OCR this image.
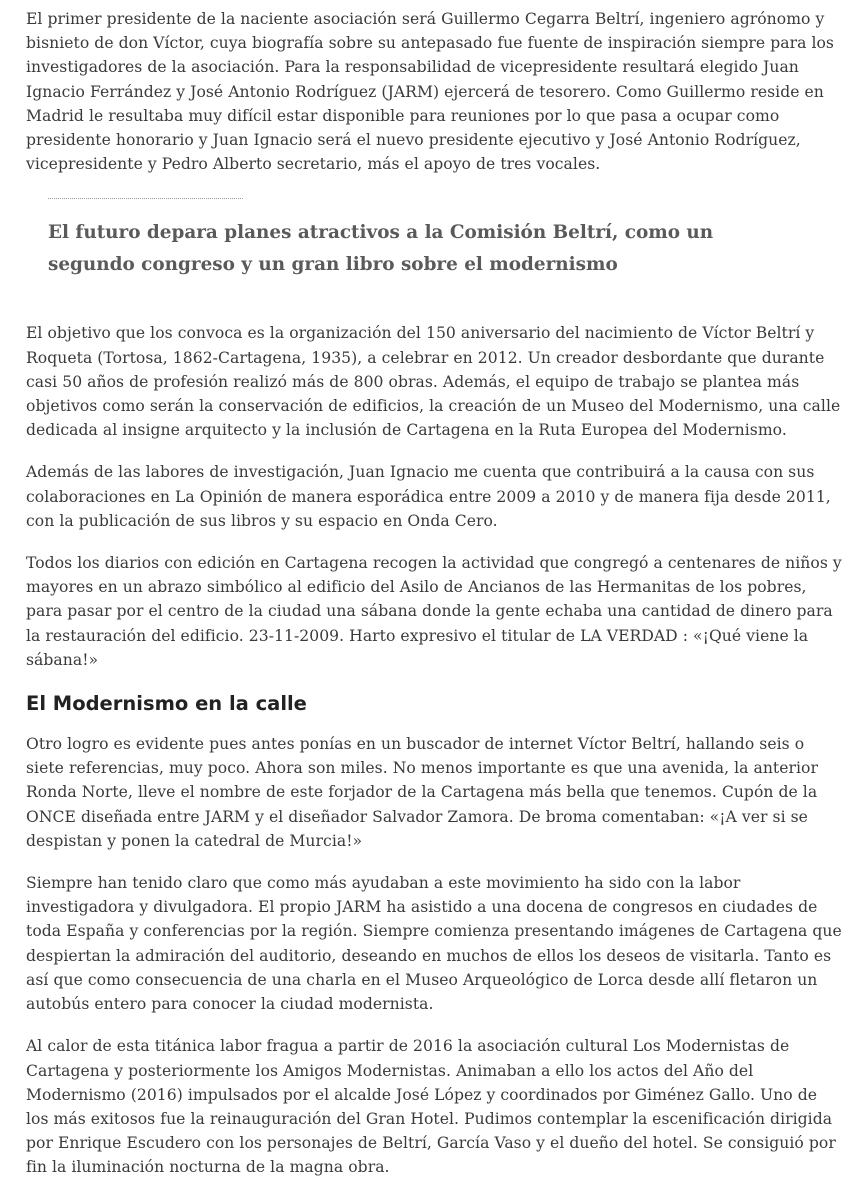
El primer presidente de la naciente asociación será Guillermo Cegarra Beltrí, ingeniero agrónomo y bisnieto de don Víctor, cuya biografía sobre su antepasado fue fuente de inspiración siempre para los investigadores de la asociación. Para la responsabilidad de vicepresidente resultará elegido Juan Ignacio Ferrández y José Antonio Rodríguez (JARM) ejercerá de tesorero. Como Guillermo reside en Madrid le resultaba muy difícil estar disponible para reuniones por lo que pasa a ocupar como presidente honorario y Juan Ignacio será el nuevo presidente ejecutivo y José Antonio Rodríguez, vicepresidente y Pedro Alberto secretario, más el apoyo de tres vocales.

El futuro depara planes atractivos a la Comisión Beltrí, como un segundo congreso y un gran libro sobre el modernismo

El objetivo que los convoca es la organización del 150 aniversario del nacimiento de Víctor Beltrí y Roqueta (Tortosa, 1862-Cartagena, 1935), a celebrar en 2012. Un creador desbordante que durante casi 50 años de profesión realizó más de 800 obras. Además, el equipo de trabajo se plantea más objetivos como serán la conservación de edificios, la creación de un Museo del Modernismo, una calle dedicada al insigne arquitecto y la inclusión de Cartagena en la Ruta Europea del Modernismo.

Además de las labores de investigación, Juan Ignacio me cuenta que contribuirá a la causa con sus colaboraciones en La Opinión de manera esporádica entre 2009 a 2010 y de manera fija desde 2011, con la publicación de sus libros y su espacio en Onda Cero.

Todos los diarios con edición en Cartagena recogen la actividad que congregó a centenares de niños y mayores en un abrazo simbólico al edificio del Asilo de Ancianos de las Hermanitas de los pobres, para pasar por el centro de la ciudad una sábana donde la gente echaba una cantidad de dinero para la restauración del edificio. 23-11-2009. Harto expresivo el titular de LA VERDAD : «¡Qué viene la sábana!»

El Modernismo en la calle

Otro logro es evidente pues antes ponías en un buscador de internet Víctor Beltrí, hallando seis o siete referencias, muy poco. Ahora son miles. No menos importante es que una avenida, la anterior Ronda Norte, lleve el nombre de este forjador de la Cartagena más bella que tenemos. Cupón de la ONCE diseñada entre JARM y el diseñador Salvador Zamora. De broma comentaban: «¡A ver si se despistan y ponen la catedral de Murcia!»

Siempre han tenido claro que como más ayudaban a este movimiento ha sido con la labor investigadora y divulgadora. El propio JARM ha asistido a una docena de congresos en ciudades de toda España y conferencias por la región. Siempre comienza presentando imágenes de Cartagena que despiertan la admiración del auditorio, deseando en muchos de ellos los deseos de visitarla. Tanto es así que como consecuencia de una charla en el Museo Arqueológico de Lorca desde allí fletaron un autobús entero para conocer la ciudad modernista.

Al calor de esta titánica labor fragua a partir de 2016 la asociación cultural Los Modernistas de Cartagena y posteriormente los Amigos Modernistas. Animaban a ello los actos del Año del Modernismo (2016) impulsados por el alcalde José López y coordinados por Giménez Gallo. Uno de los más exitosos fue la reinauguración del Gran Hotel. Pudimos contemplar la escenificación dirigida por Enrique Escudero con los personajes de Beltrí, García Vaso y el dueño del hotel. Se consiguió por fin la iluminación nocturna de la magna obra.
